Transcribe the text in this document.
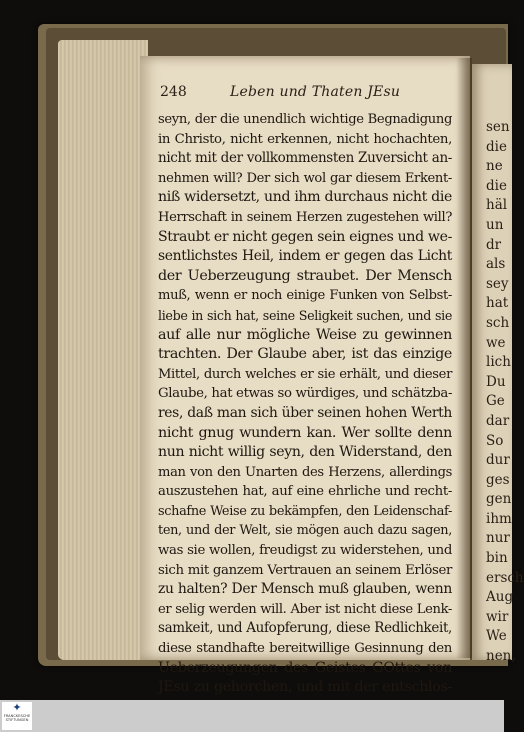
sen
die
ne
die
häl
un
dr
als
sey
hat
sch
we
lich
Du
Ge
dar
So
dur
ges
gen
ihm
nur
bin
ersch
Aug
wir
We
nen,
248	Leben und Thaten JEsu
seyn, der die unendlich wichtige Begnadigung
in Christo, nicht erkennen, nicht hochachten,
nicht mit der vollkommensten Zuversicht an-
nehmen will? Der sich wol gar diesem Erkent-
niß widersetzt, und ihm durchaus nicht die
Herrschaft in seinem Herzen zugestehen will?
Straubt er nicht gegen sein eignes und we-
sentlichstes Heil, indem er gegen das Licht
der Ueberzeugung straubet. Der Mensch
muß, wenn er noch einige Funken von Selbst-
liebe in sich hat, seine Seligkeit suchen, und sie
auf alle nur mögliche Weise zu gewinnen
trachten. Der Glaube aber, ist das einzige
Mittel, durch welches er sie erhält, und dieser
Glaube, hat etwas so würdiges, und schätzba-
res, daß man sich über seinen hohen Werth
nicht gnug wundern kan. Wer sollte denn
nun nicht willig seyn, den Widerstand, den
man von den Unarten des Herzens, allerdings
auszustehen hat, auf eine ehrliche und recht-
schafne Weise zu bekämpfen, den Leidenschaf-
ten, und der Welt, sie mögen auch dazu sagen,
was sie wollen, freudigst zu widerstehen, und
sich mit ganzem Vertrauen an seinem Erlöser
zu halten? Der Mensch muß glauben, wenn
er selig werden will. Aber ist nicht diese Lenk-
samkeit, und Aufopferung, diese Redlichkeit,
diese standhafte bereitwillige Gesinnung den
Ueberzeugungen des Geistes GOttes von
JEsu zu gehorchen, und mit der entschlos-
✦
FRANCKESCHE
STIFTUNGEN
